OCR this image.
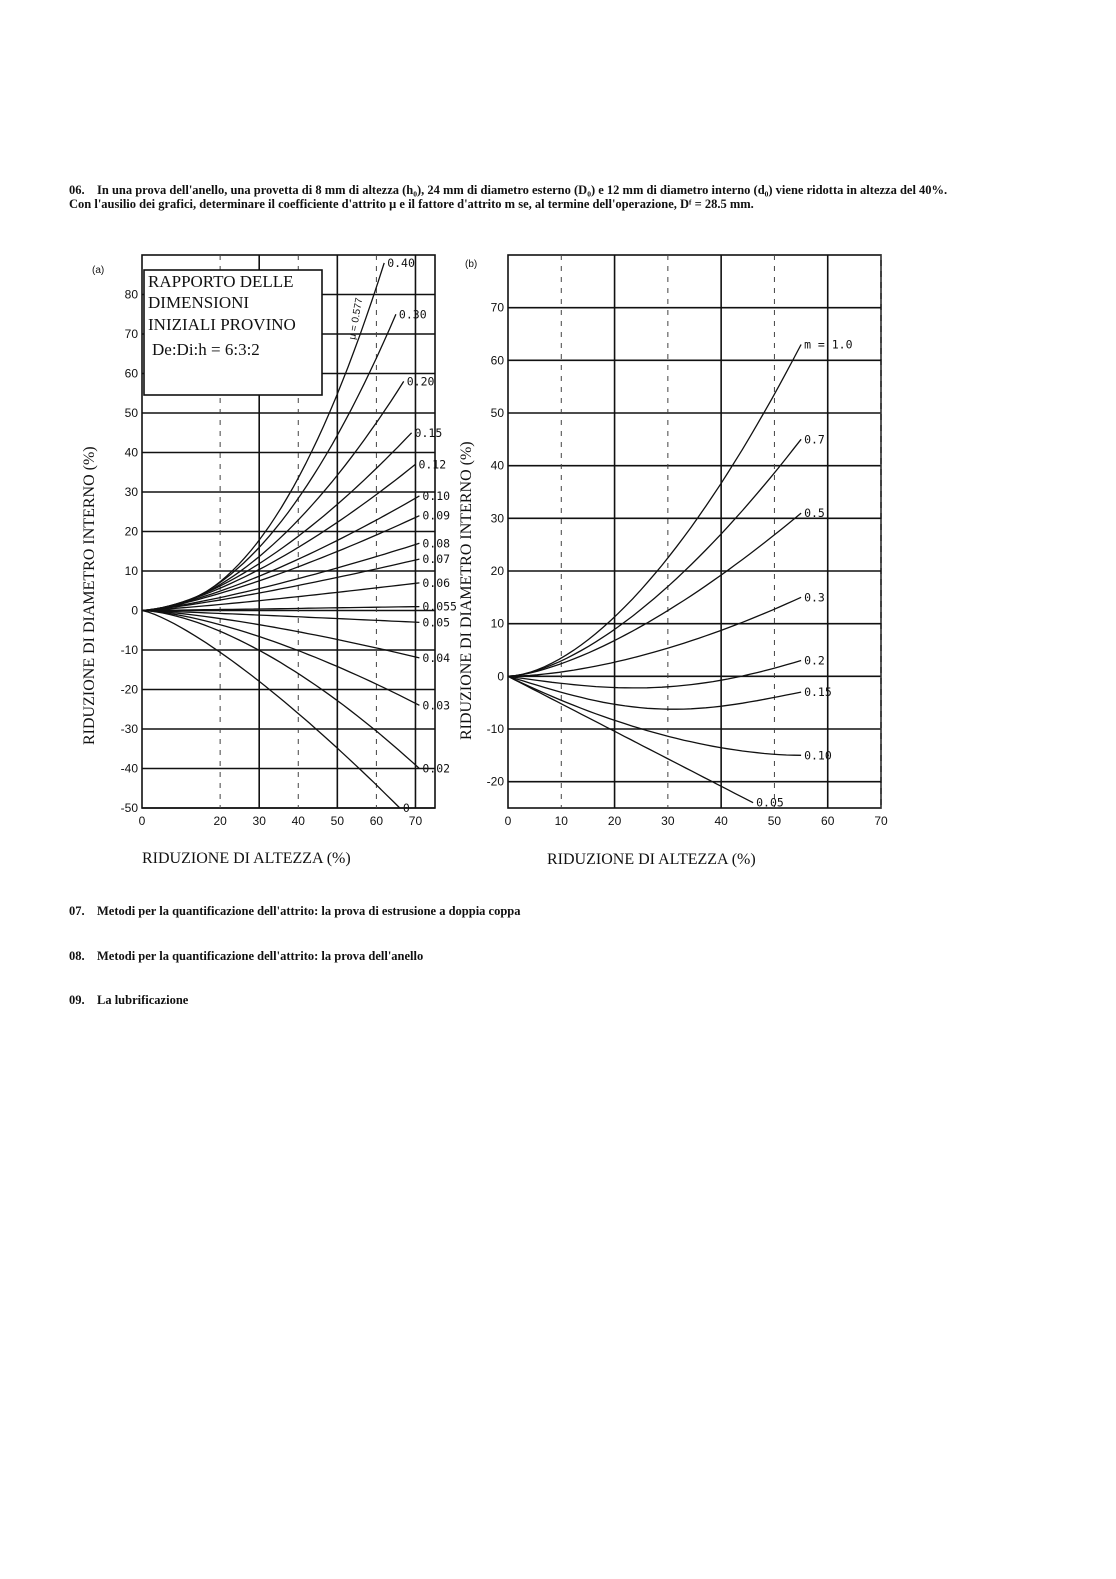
06. In una prova dell'anello, una provetta di 8 mm di altezza (h₀), 24 mm di diametro esterno (D₀) e 12 mm di diametro interno (d₀) viene ridotta in altezza del 40%.

Con l'ausilio dei grafici, determinare il coefficiente d'attrito μ e il fattore d'attrito m se, al termine dell'operazione, Dᶠ = 28.5 mm.

(a)
0.40
0.30
0.20
0.15
0.12
0.10
0.09
0.08
0.07
0.06
0.055
0.05
0.04
0.03
0.02
0
80
70
60
50
40
30
20
10
0
-10
-20
-30
-40
-50
0	20 30 40 50 60 70
RAPPORTO DELLE
DIMENSIONI
INIZIALI PROVINO
De:Di:h = 6:3:2
μ = 0.577
RIDUZIONE DI DIAMETRO INTERNO (%)
RIDUZIONE DI ALTEZZA (%)
(b)
m = 1.0
0.7
0.5
0.3
0.2
0.15
0.10
0.05
70
60
50
40
30
20
10
0
-10
-20
0	10	20	30	40	50	60	70
RIDUZIONE DI DIAMETRO INTERNO (%)
RIDUZIONE DI ALTEZZA (%)
07. Metodi per la quantificazione dell'attrito: la prova di estrusione a doppia coppa
08. Metodi per la quantificazione dell'attrito: la prova dell'anello
09. La lubrificazione
